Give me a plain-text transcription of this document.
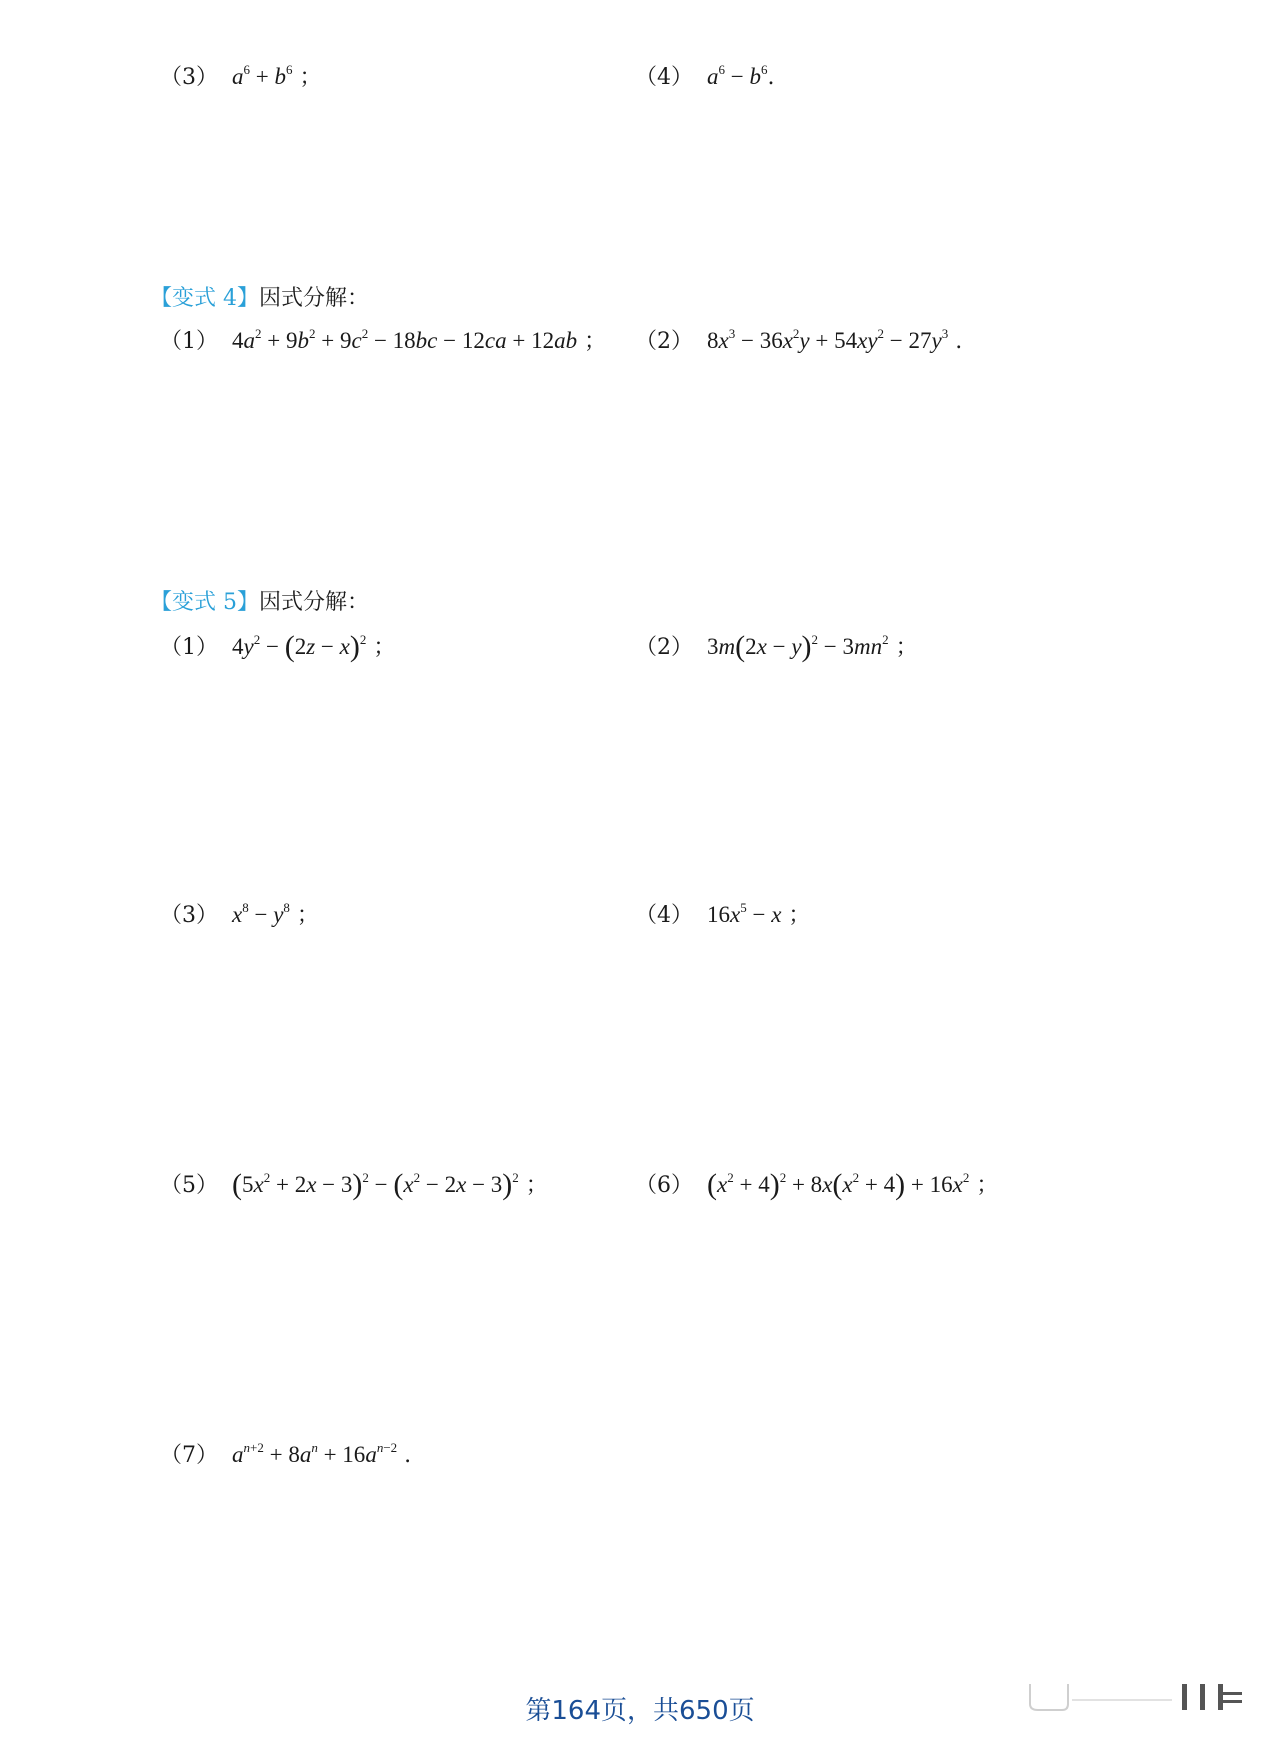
（3） $a^6 + b^6$ ；	（4） $a^6 - b^6$.
【变式 4】因式分解：
（1） $4a^2 + 9b^2 + 9c^2 - 18bc - 12ca + 12ab$ ； （2） $8x^3 - 36x^2y + 54xy^2 - 27y^3$ .
【变式 5】因式分解：
（1） $4y^2 - (2z - x)^2$ ；	（2） $3m(2x - y)^2 - 3mn^2$ ；
（3） $x^8 - y^8$ ；	（4） $16x^5 - x$ ；
（5） $(5x^2 + 2x - 3)^2 - (x^2 - 2x - 3)^2$ ；	（6） $(x^2 + 4)^2 + 8x(x^2 + 4) + 16x^2$ ；
（7） $a^{n+2} + 8a^n + 16a^{n-2}$ .
第164页，共650页
